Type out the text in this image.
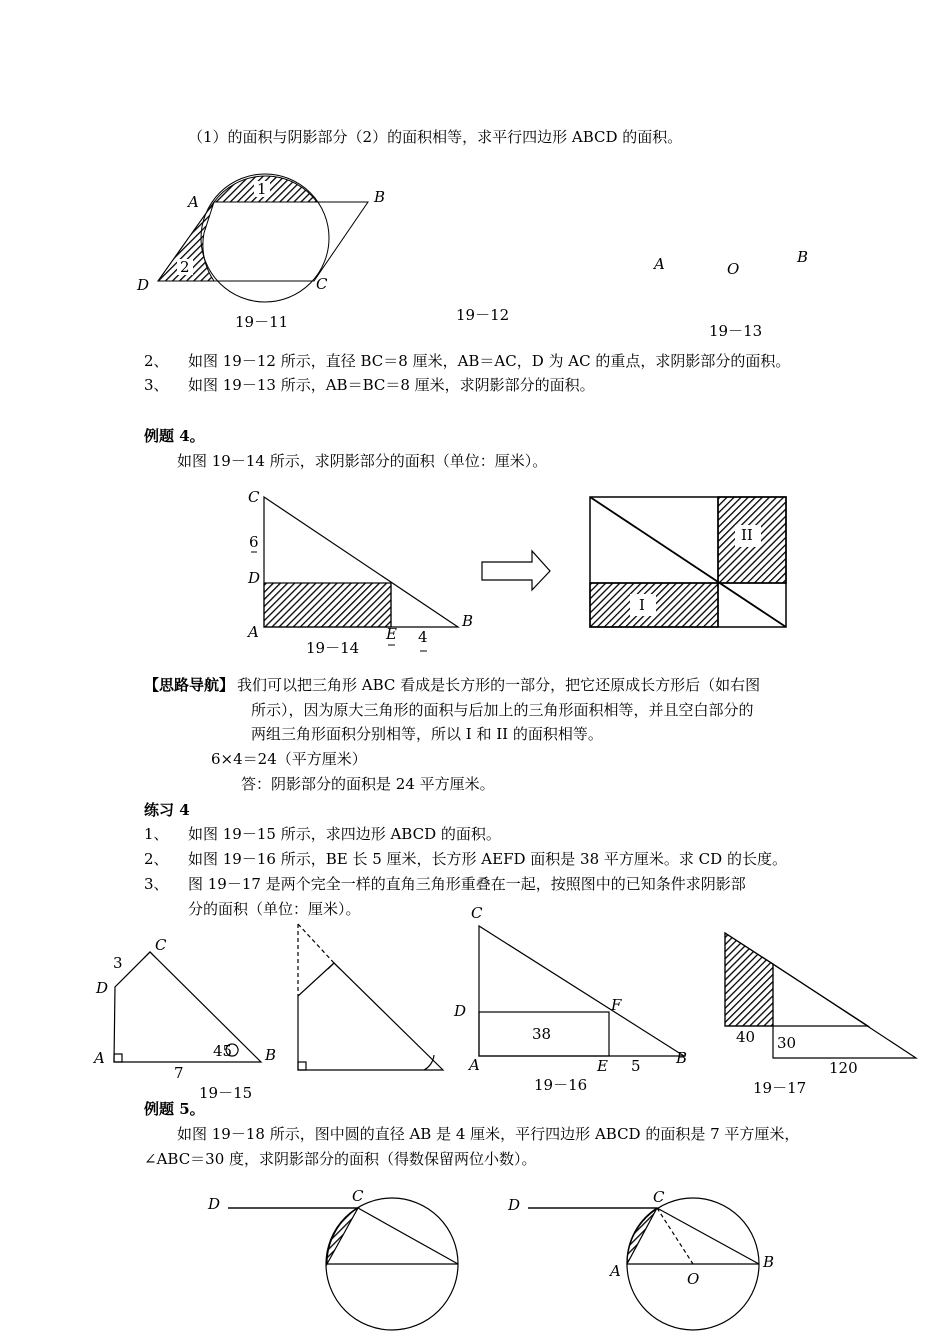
（1）的面积与阴影部分（2）的面积相等，求平行四边形 ABCD 的面积。
A	B
C
D
1
2
19－11	19－12
A	O
B
19－13
2、 如图 19－12 所示，直径 BC＝8 厘米，AB＝AC，D 为 AC 的重点，求阴影部分的面积。
3、 如图 19－13 所示，AB＝BC＝8 厘米，求阴影部分的面积。
例题 4。
如图 19－14 所示，求阴影部分的面积（单位：厘米）。
C
6
D
A	E
B
4
19－14
II
I
【思路导航】 我们可以把三角形 ABC 看成是长方形的一部分，把它还原成长方形后（如右图
所示），因为原大三角形的面积与后加上的三角形面积相等，并且空白部分的
两组三角形面积分别相等，所以 I 和 II 的面积相等。
6×4＝24（平方厘米）
答：阴影部分的面积是 24 平方厘米。
练习 4
1、 如图 19－15 所示，求四边形 ABCD 的面积。
2、 如图 19－16 所示，BE 长 5 厘米，长方形 AEFD 面积是 38 平方厘米。求 CD 的长度。
3、 图 19－17 是两个完全一样的直角三角形重叠在一起，按照图中的已知条件求阴影部
分的面积（单位：厘米）。
3
C
D
45
A	B
7
19－15
C
D	F
38
A	E 5 B
19－16
40 30
120
19－17
例题 5。
如图 19－18 所示，图中圆的直径 AB 是 4 厘米，平行四边形 ABCD 的面积是 7 平方厘米，
∠ABC＝30 度，求阴影部分的面积（得数保留两位小数）。
D	C	D	C
A	O
B
